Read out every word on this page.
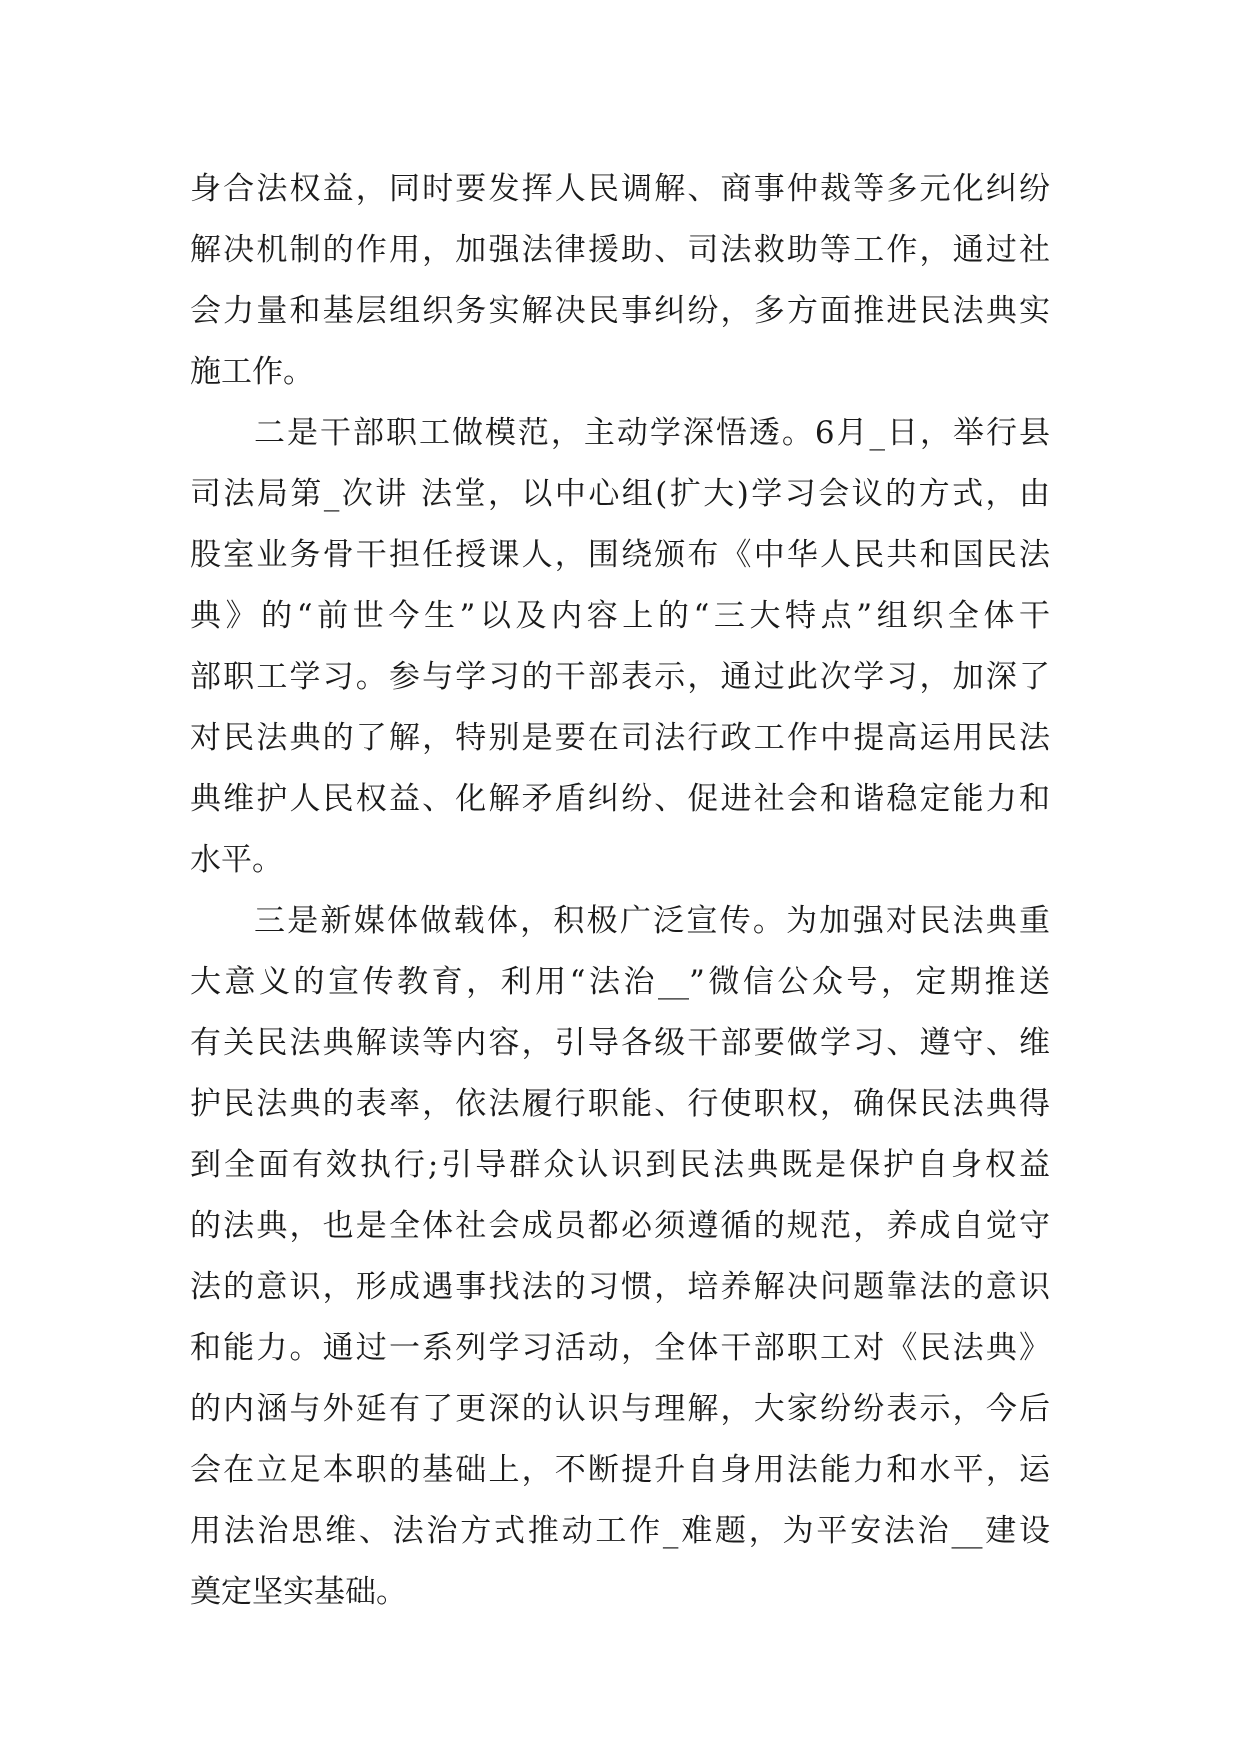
身合法权益，同时要发挥人民调解、商事仲裁等多元化纠纷
解决机制的作用，加强法律援助、司法救助等工作，通过社
会力量和基层组织务实解决民事纠纷，多方面推进民法典实
施工作。
二是干部职工做模范，主动学深悟透。6月_日，举行县
司法局第_次讲 法堂，以中心组(扩大)学习会议的方式，由
股室业务骨干担任授课人，围绕颁布《中华人民共和国民法
典》的“前世今生”以及内容上的“三大特点”组织全体干
部职工学习。参与学习的干部表示，通过此次学习，加深了
对民法典的了解，特别是要在司法行政工作中提高运用民法
典维护人民权益、化解矛盾纠纷、促进社会和谐稳定能力和
水平。
三是新媒体做载体，积极广泛宣传。为加强对民法典重
大意义的宣传教育，利用“法治__”微信公众号，定期推送
有关民法典解读等内容，引导各级干部要做学习、遵守、维
护民法典的表率，依法履行职能、行使职权，确保民法典得
到全面有效执行;引导群众认识到民法典既是保护自身权益
的法典，也是全体社会成员都必须遵循的规范，养成自觉守
法的意识，形成遇事找法的习惯，培养解决问题靠法的意识
和能力。通过一系列学习活动，全体干部职工对《民法典》
的内涵与外延有了更深的认识与理解，大家纷纷表示，今后
会在立足本职的基础上，不断提升自身用法能力和水平，运
用法治思维、法治方式推动工作_难题，为平安法治__建设
奠定坚实基础。
